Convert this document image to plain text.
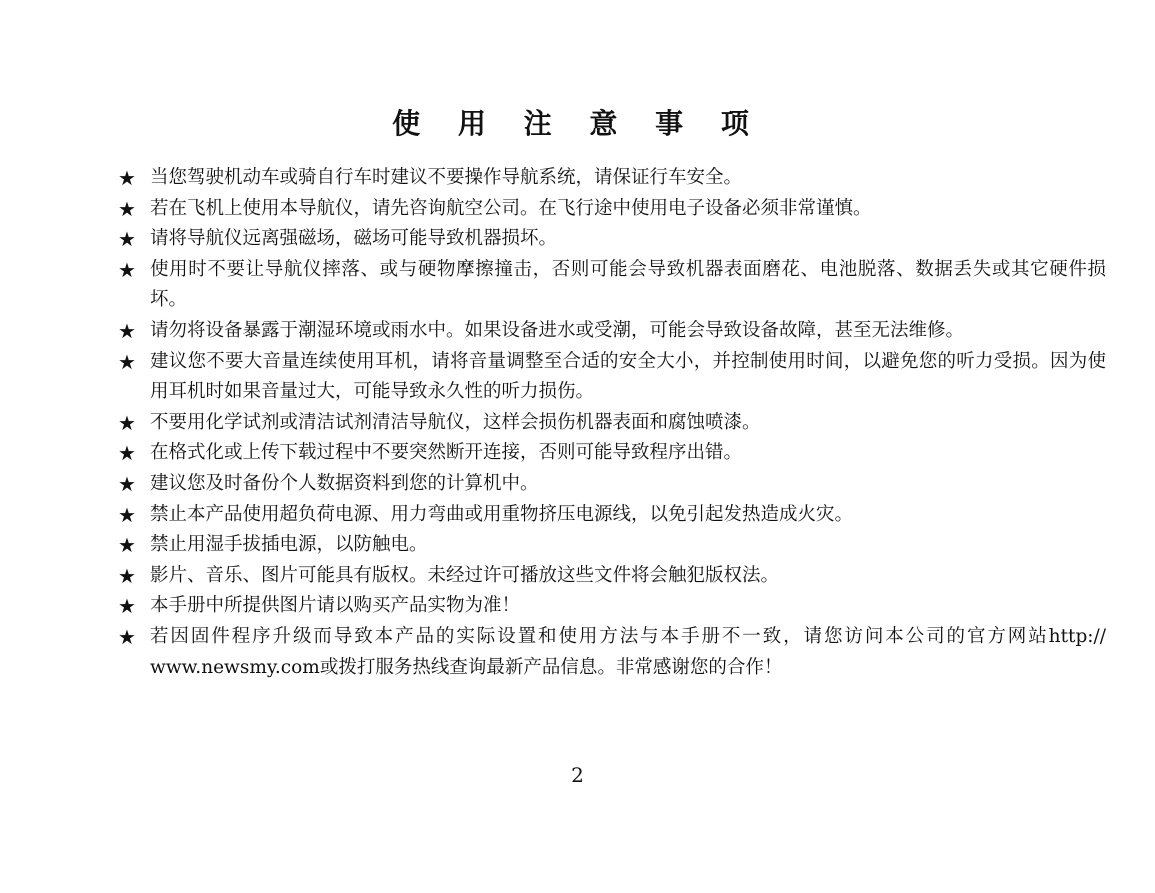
使 用 注 意 事 项
★ 当您驾驶机动车或骑自行车时建议不要操作导航系统，请保证行车安全。
★ 若在飞机上使用本导航仪，请先咨询航空公司。在飞行途中使用电子设备必须非常谨慎。
★ 请将导航仪远离强磁场，磁场可能导致机器损坏。
★ 使用时不要让导航仪摔落、或与硬物摩擦撞击，否则可能会导致机器表面磨花、电池脱落、数据丢失或其它硬件损坏。
★ 请勿将设备暴露于潮湿环境或雨水中。如果设备进水或受潮，可能会导致设备故障，甚至无法维修。
★ 建议您不要大音量连续使用耳机，请将音量调整至合适的安全大小，并控制使用时间，以避免您的听力受损。因为使用耳机时如果音量过大，可能导致永久性的听力损伤。
★ 不要用化学试剂或清洁试剂清洁导航仪，这样会损伤机器表面和腐蚀喷漆。
★ 在格式化或上传下载过程中不要突然断开连接，否则可能导致程序出错。
★ 建议您及时备份个人数据资料到您的计算机中。
★ 禁止本产品使用超负荷电源、用力弯曲或用重物挤压电源线，以免引起发热造成火灾。
★ 禁止用湿手拔插电源，以防触电。
★ 影片、音乐、图片可能具有版权。未经过许可播放这些文件将会触犯版权法。
★ 本手册中所提供图片请以购买产品实物为准！
★ 若因固件程序升级而导致本产品的实际设置和使用方法与本手册不一致，请您访问本公司的官方网站http:// www.newsmy.com或拨打服务热线查询最新产品信息。非常感谢您的合作！
2
